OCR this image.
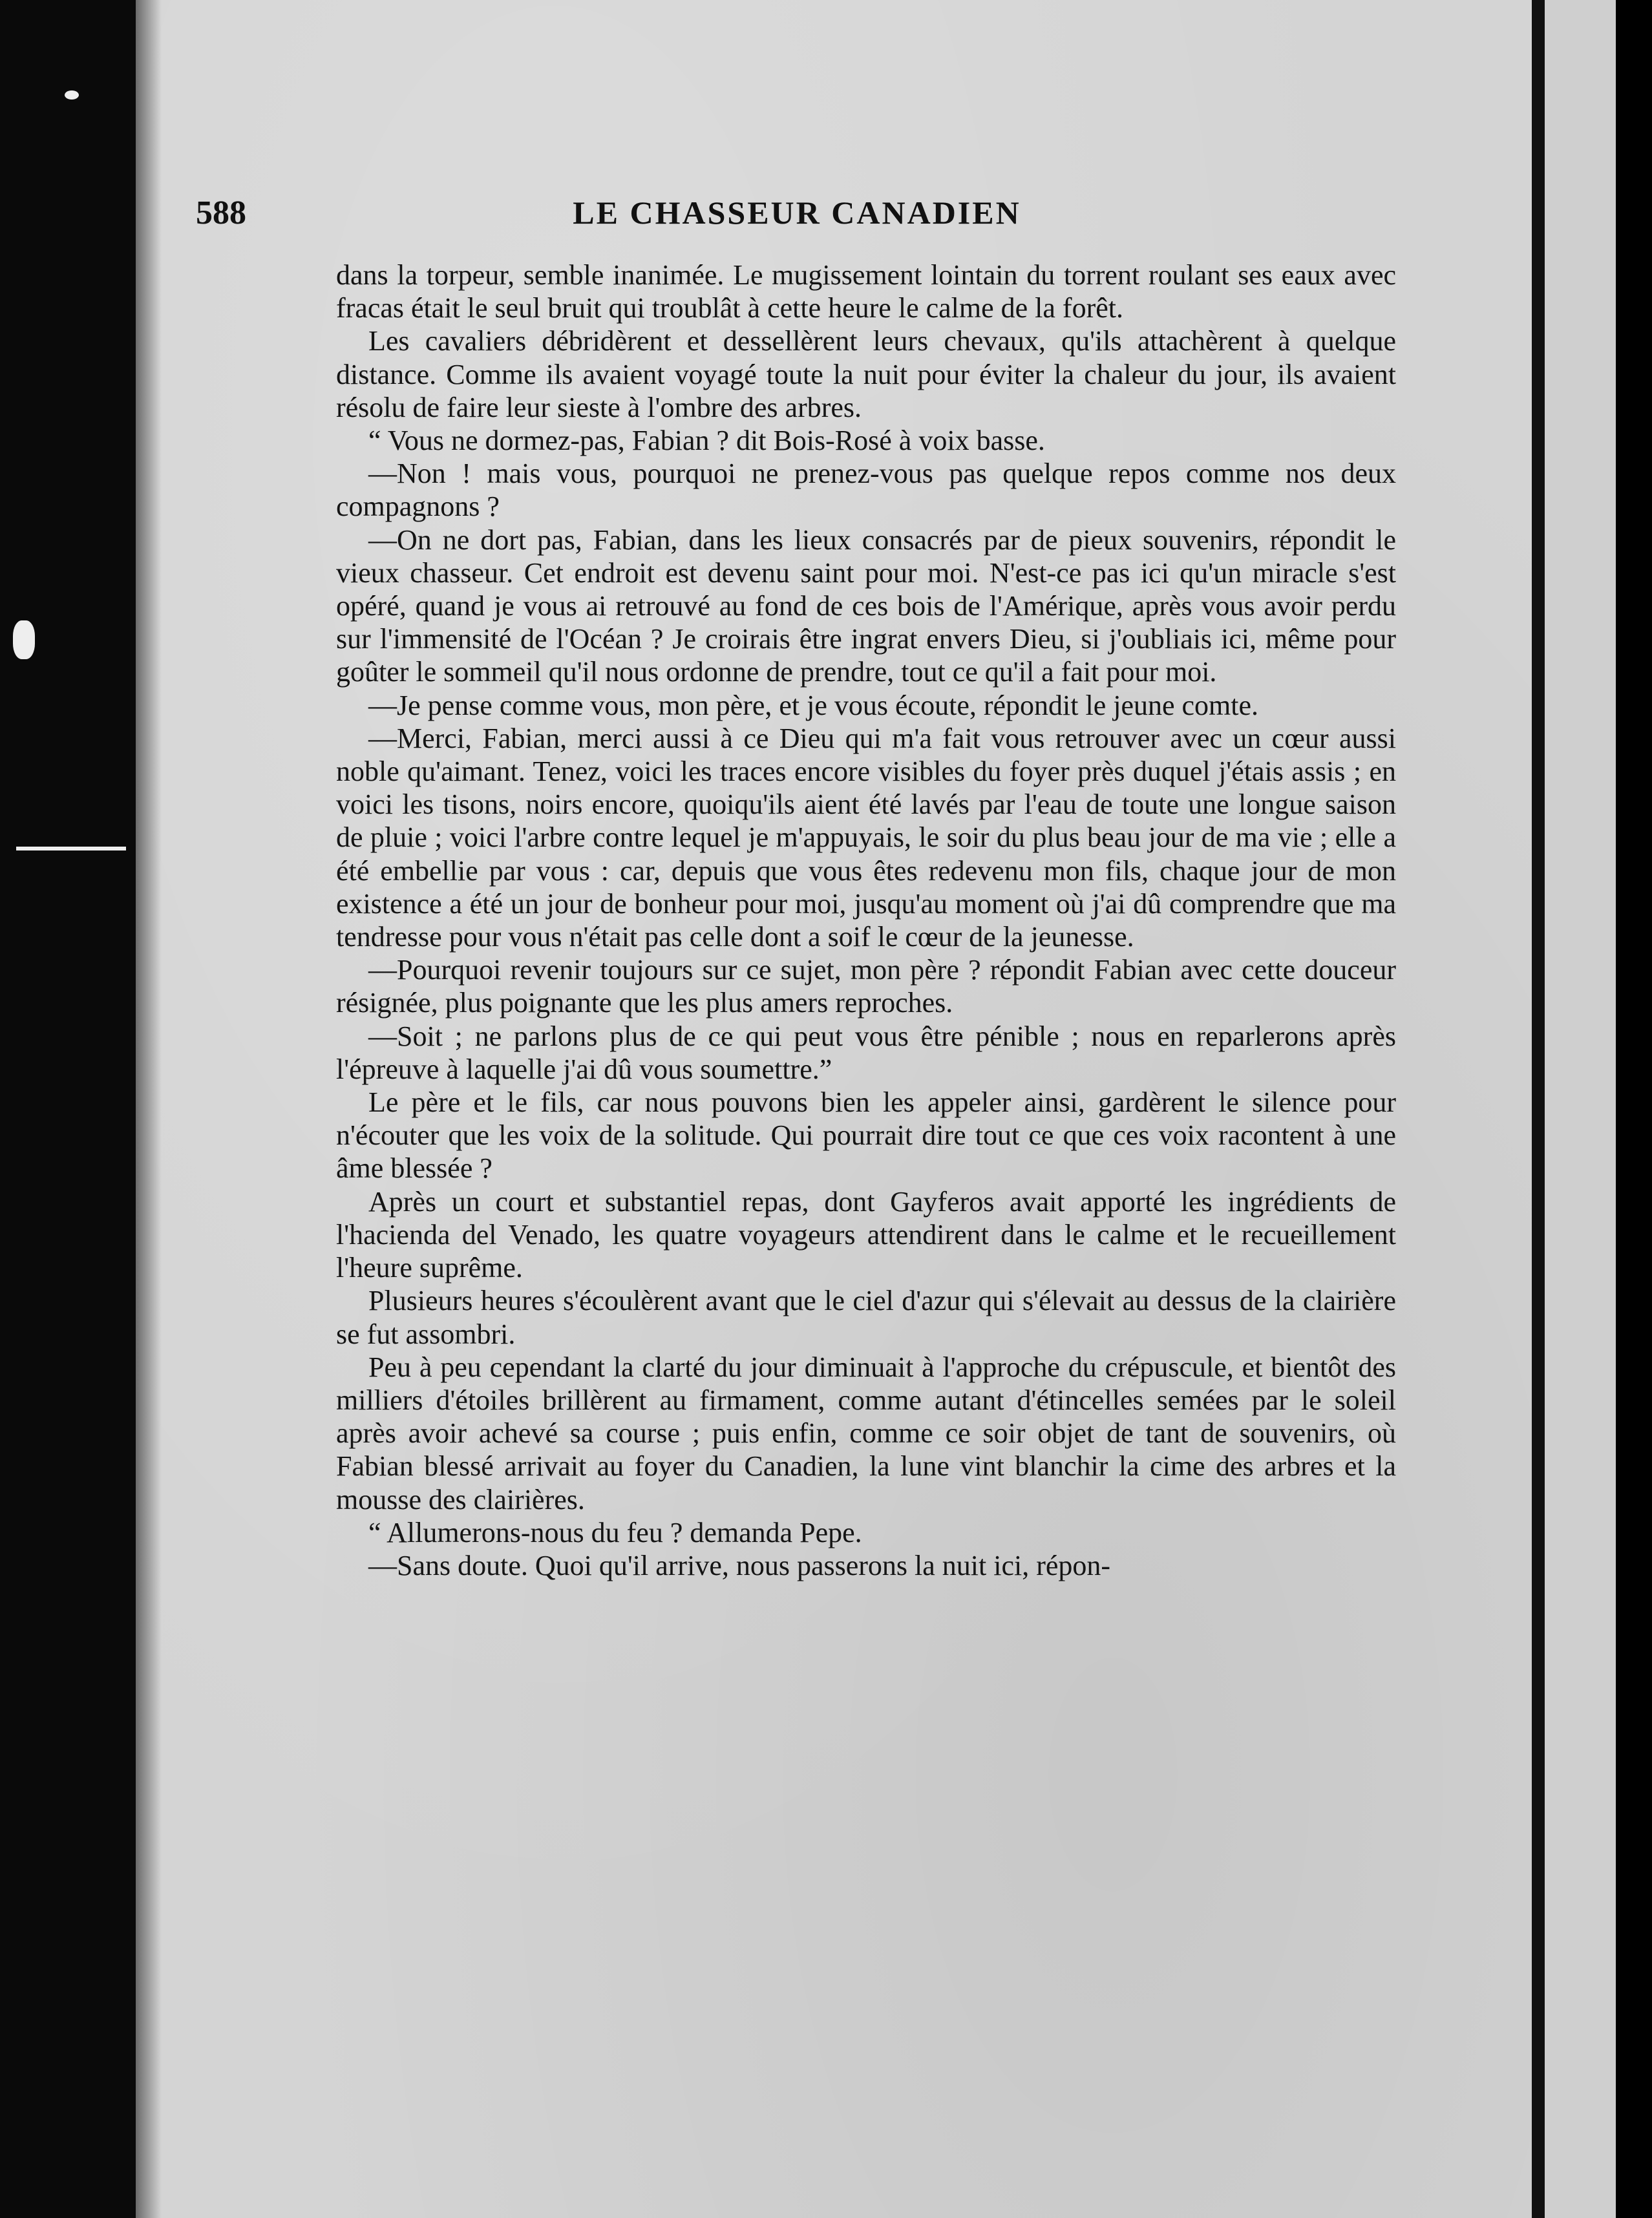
588	LE CHASSEUR CANADIEN

dans la torpeur, semble inanimée. Le mugissement lointain du torrent roulant ses eaux avec fracas était le seul bruit qui troublât à cette heure le calme de la forêt.

Les cavaliers débridèrent et dessellèrent leurs chevaux, qu'ils attachèrent à quelque distance. Comme ils avaient voyagé toute la nuit pour éviter la chaleur du jour, ils avaient résolu de faire leur sieste à l'ombre des arbres.

“ Vous ne dormez-pas, Fabian ? dit Bois-Rosé à voix basse.

—Non ! mais vous, pourquoi ne prenez-vous pas quelque repos comme nos deux compagnons ?

—On ne dort pas, Fabian, dans les lieux consacrés par de pieux souvenirs, répondit le vieux chasseur. Cet endroit est devenu saint pour moi. N'est-ce pas ici qu'un miracle s'est opéré, quand je vous ai retrouvé au fond de ces bois de l'Amérique, après vous avoir perdu sur l'immensité de l'Océan ? Je croirais être ingrat envers Dieu, si j'oubliais ici, même pour goûter le sommeil qu'il nous ordonne de prendre, tout ce qu'il a fait pour moi.

—Je pense comme vous, mon père, et je vous écoute, répondit le jeune comte.

—Merci, Fabian, merci aussi à ce Dieu qui m'a fait vous retrouver avec un cœur aussi noble qu'aimant. Tenez, voici les traces encore visibles du foyer près duquel j'étais assis ; en voici les tisons, noirs encore, quoiqu'ils aient été lavés par l'eau de toute une longue saison de pluie ; voici l'arbre contre lequel je m'appuyais, le soir du plus beau jour de ma vie ; elle a été embellie par vous : car, depuis que vous êtes redevenu mon fils, chaque jour de mon existence a été un jour de bonheur pour moi, jusqu'au moment où j'ai dû comprendre que ma tendresse pour vous n'était pas celle dont a soif le cœur de la jeunesse.

—Pourquoi revenir toujours sur ce sujet, mon père ? répondit Fabian avec cette douceur résignée, plus poignante que les plus amers reproches.

—Soit ; ne parlons plus de ce qui peut vous être pénible ; nous en reparlerons après l'épreuve à laquelle j'ai dû vous soumettre.”

Le père et le fils, car nous pouvons bien les appeler ainsi, gardèrent le silence pour n'écouter que les voix de la solitude. Qui pourrait dire tout ce que ces voix racontent à une âme blessée ?

Après un court et substantiel repas, dont Gayferos avait apporté les ingrédients de l'hacienda del Venado, les quatre voyageurs attendirent dans le calme et le recueillement l'heure suprême.

Plusieurs heures s'écoulèrent avant que le ciel d'azur qui s'élevait au dessus de la clairière se fut assombri.

Peu à peu cependant la clarté du jour diminuait à l'approche du crépuscule, et bientôt des milliers d'étoiles brillèrent au firmament, comme autant d'étincelles semées par le soleil après avoir achevé sa course ; puis enfin, comme ce soir objet de tant de souvenirs, où Fabian blessé arrivait au foyer du Canadien, la lune vint blanchir la cime des arbres et la mousse des clairières.

“ Allumerons-nous du feu ? demanda Pepe.

—Sans doute. Quoi qu'il arrive, nous passerons la nuit ici, répon-
